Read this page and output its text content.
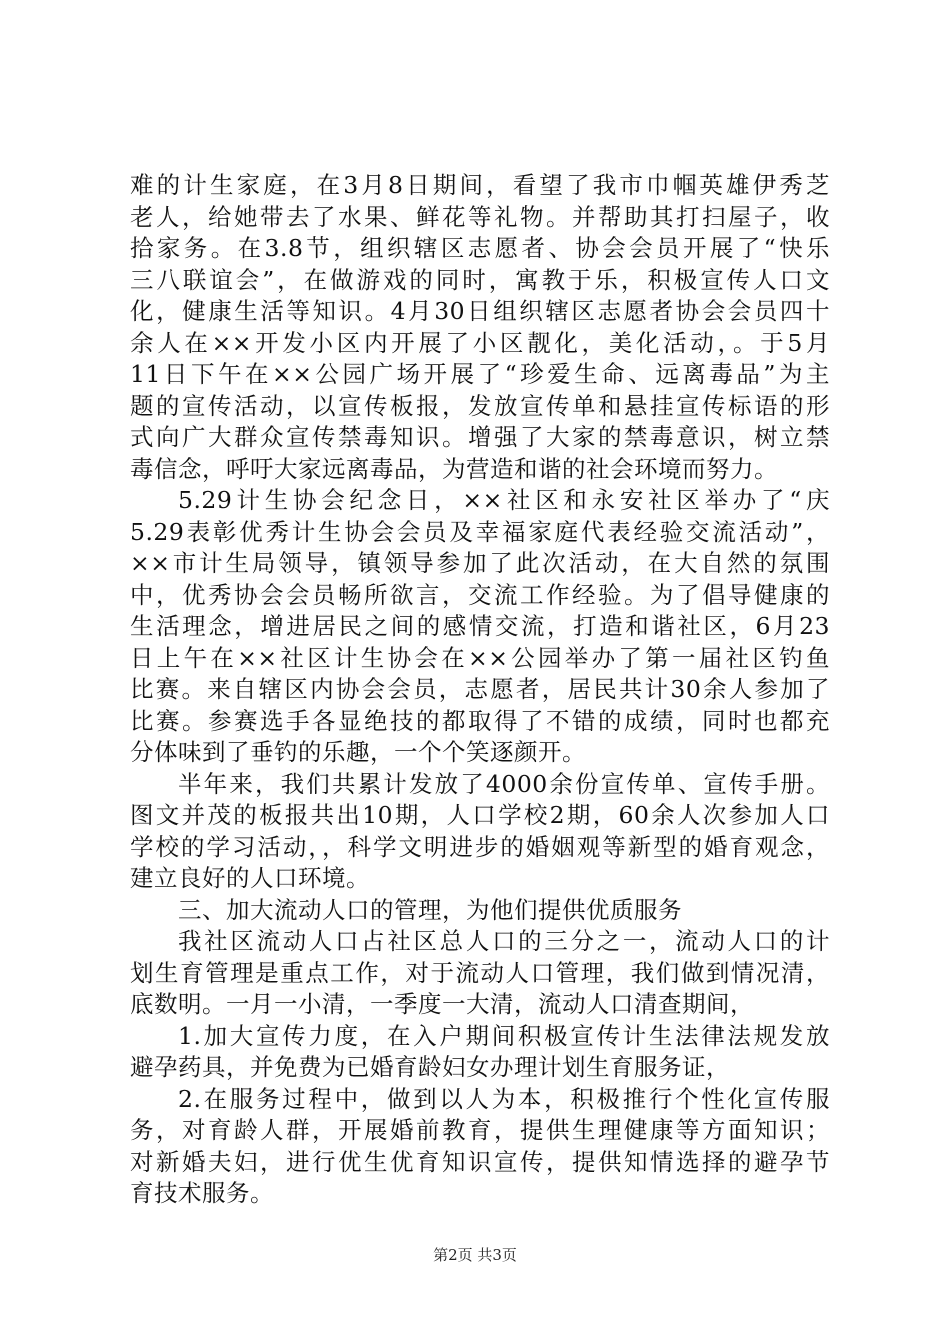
难的计生家庭，在3月8日期间，看望了我市巾帼英雄伊秀芝
老人，给她带去了水果、鲜花等礼物。并帮助其打扫屋子，收
拾家务。在3.8节，组织辖区志愿者、协会会员开展了“快乐
三八联谊会”，在做游戏的同时，寓教于乐，积极宣传人口文
化，健康生活等知识。4月30日组织辖区志愿者协会会员四十
余人在××开发小区内开展了小区靓化，美化活动，。于5月
11日下午在××公园广场开展了“珍爱生命、远离毒品”为主
题的宣传活动，以宣传板报，发放宣传单和悬挂宣传标语的形
式向广大群众宣传禁毒知识。增强了大家的禁毒意识，树立禁
毒信念，呼吁大家远离毒品，为营造和谐的社会环境而努力。
5.29计生协会纪念日，××社区和永安社区举办了“庆
5.29表彰优秀计生协会会员及幸福家庭代表经验交流活动”，
××市计生局领导，镇领导参加了此次活动，在大自然的氛围
中，优秀协会会员畅所欲言，交流工作经验。为了倡导健康的
生活理念，增进居民之间的感情交流，打造和谐社区，6月23
日上午在××社区计生协会在××公园举办了第一届社区钓鱼
比赛。来自辖区内协会会员，志愿者，居民共计30余人参加了
比赛。参赛选手各显绝技的都取得了不错的成绩，同时也都充
分体味到了垂钓的乐趣，一个个笑逐颜开。
半年来，我们共累计发放了4000余份宣传单、宣传手册。
图文并茂的板报共出10期，人口学校2期，60余人次参加人口
学校的学习活动，，科学文明进步的婚姻观等新型的婚育观念，
建立良好的人口环境。
三、加大流动人口的管理，为他们提供优质服务
我社区流动人口占社区总人口的三分之一，流动人口的计
划生育管理是重点工作，对于流动人口管理，我们做到情况清，
底数明。一月一小清，一季度一大清，流动人口清查期间，
1.加大宣传力度，在入户期间积极宣传计生法律法规发放
避孕药具，并免费为已婚育龄妇女办理计划生育服务证，
2.在服务过程中，做到以人为本，积极推行个性化宣传服
务，对育龄人群，开展婚前教育，提供生理健康等方面知识；
对新婚夫妇，进行优生优育知识宣传，提供知情选择的避孕节
育技术服务。
第2页 共3页
